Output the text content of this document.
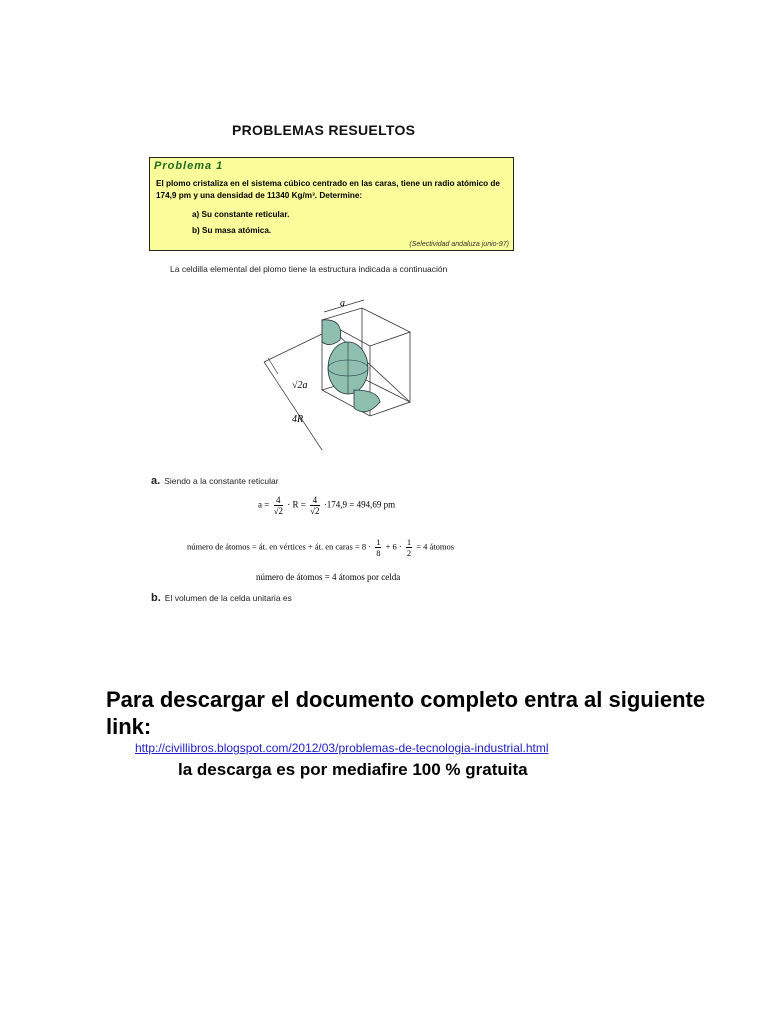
PROBLEMAS RESUELTOS
Problema 1
El plomo cristaliza en el sistema cúbico centrado en las caras, tiene un radio atómico de 174,9 pm y una densidad de 11340 Kg/m³. Determine:
a) Su constante reticular.
b) Su masa atómica.
(Selectividad andaluza junio-97)
La celdilla elemental del plomo tiene la estructura indicada a continuación
a
√2a
4R
a. Siendo a la constante reticular
$a = \frac{4}{√2} \cdot R = \frac{4}{√2} \cdot 174,9 = 494,69$ pm
número de átomos = át. en vértices + át. en caras = $8 \cdot \frac{1}{8} + 6 \cdot \frac{1}{2} = 4$ átomos
número de átomos = 4 átomos por celda
b. El volumen de la celda unitaria es
Para descargar el documento completo entra al siguiente link:
http://civillibros.blogspot.com/2012/03/problemas-de-tecnologia-industrial.html
la descarga es por mediafire 100 % gratuita
